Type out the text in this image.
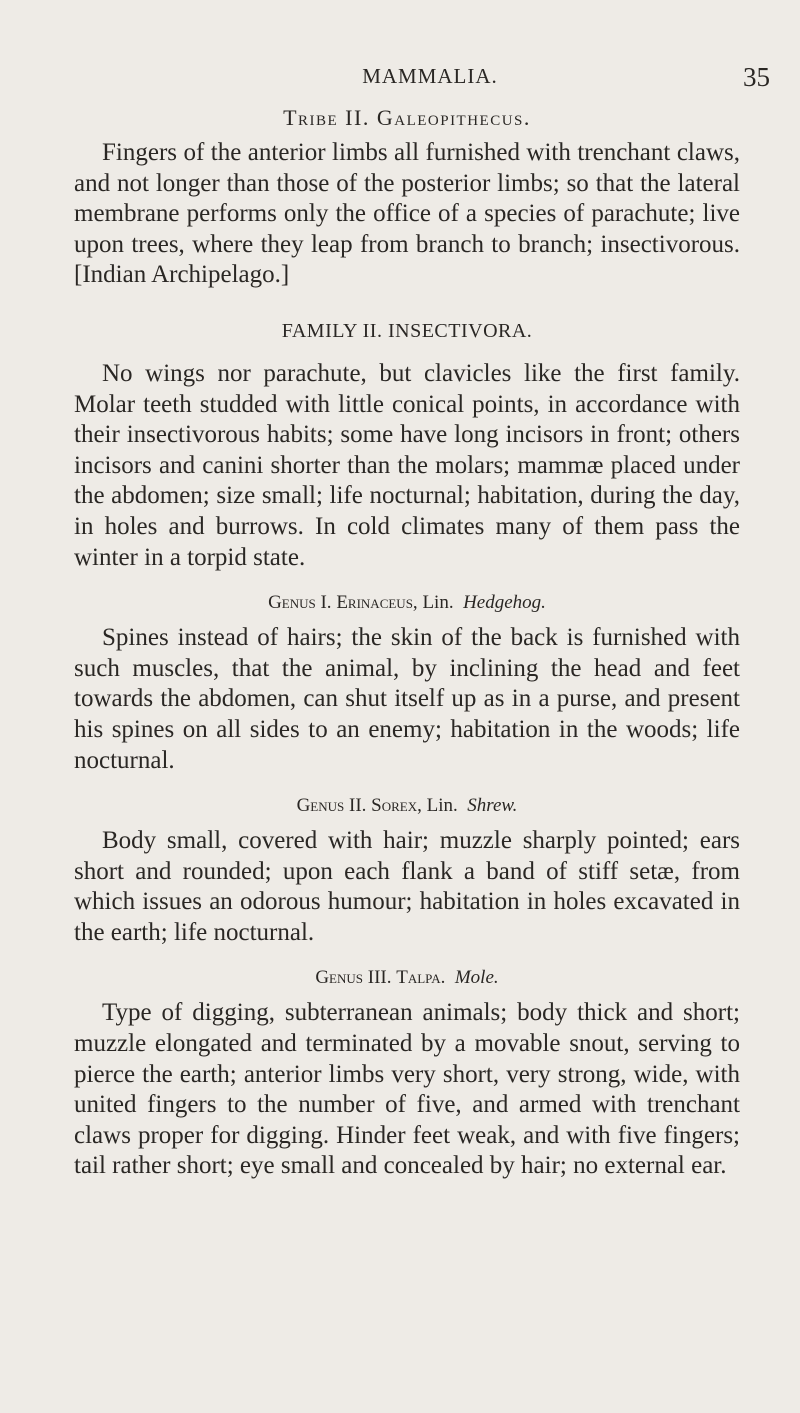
MAMMALIA.	35

Tribe II. Galeopithecus.

Fingers of the anterior limbs all furnished with trenchant claws, and not longer than those of the posterior limbs; so that the lateral membrane performs only the office of a species of parachute; live upon trees, where they leap from branch to branch; insectivorous. [Indian Archipelago.]

FAMILY II. INSECTIVORA.

No wings nor parachute, but clavicles like the first family. Molar teeth studded with little conical points, in accordance with their insectivorous habits; some have long incisors in front; others incisors and canini shorter than the molars; mammæ placed under the abdomen; size small; life nocturnal; habitation, during the day, in holes and burrows. In cold climates many of them pass the winter in a torpid state.

Genus I. Erinaceus, Lin. Hedgehog.

Spines instead of hairs; the skin of the back is furnished with such muscles, that the animal, by inclining the head and feet towards the abdomen, can shut itself up as in a purse, and present his spines on all sides to an enemy; habitation in the woods; life nocturnal.

Genus II. Sorex, Lin. Shrew.

Body small, covered with hair; muzzle sharply pointed; ears short and rounded; upon each flank a band of stiff setæ, from which issues an odorous humour; habitation in holes excavated in the earth; life nocturnal.

Genus III. Talpa. Mole.

Type of digging, subterranean animals; body thick and short; muzzle elongated and terminated by a movable snout, serving to pierce the earth; anterior limbs very short, very strong, wide, with united fingers to the number of five, and armed with trenchant claws proper for digging. Hinder feet weak, and with five fingers; tail rather short; eye small and concealed by hair; no external ear.
